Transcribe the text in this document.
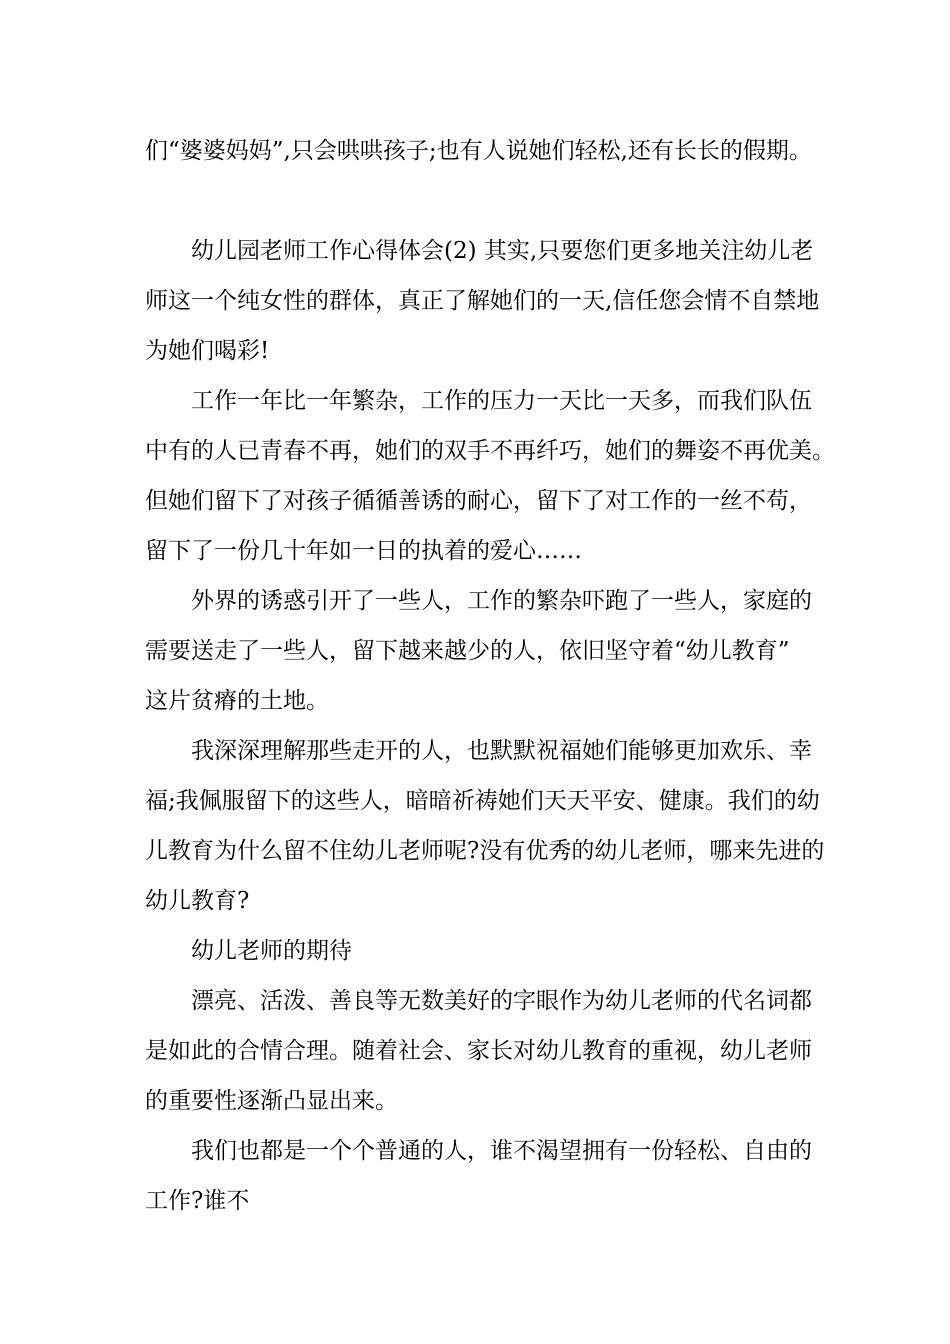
们“婆婆妈妈”,只会哄哄孩子;也有人说她们轻松,还有长长的假期。
幼儿园老师工作心得体会(2) 其实,只要您们更多地关注幼儿老
师这一个纯女性的群体，真正了解她们的一天,信任您会情不自禁地
为她们喝彩!
工作一年比一年繁杂，工作的压力一天比一天多，而我们队伍
中有的人已青春不再，她们的双手不再纤巧，她们的舞姿不再优美。
但她们留下了对孩子循循善诱的耐心，留下了对工作的一丝不苟，
留下了一份几十年如一日的执着的爱心……
外界的诱惑引开了一些人，工作的繁杂吓跑了一些人，家庭的
需要送走了一些人，留下越来越少的人，依旧坚守着“幼儿教育”
这片贫瘠的土地。
我深深理解那些走开的人，也默默祝福她们能够更加欢乐、幸
福;我佩服留下的这些人，暗暗祈祷她们天天平安、健康。我们的幼
儿教育为什么留不住幼儿老师呢?没有优秀的幼儿老师，哪来先进的
幼儿教育?
幼儿老师的期待
漂亮、活泼、善良等无数美好的字眼作为幼儿老师的代名词都
是如此的合情合理。随着社会、家长对幼儿教育的重视，幼儿老师
的重要性逐渐凸显出来。
我们也都是一个个普通的人，谁不渴望拥有一份轻松、自由的
工作?谁不
